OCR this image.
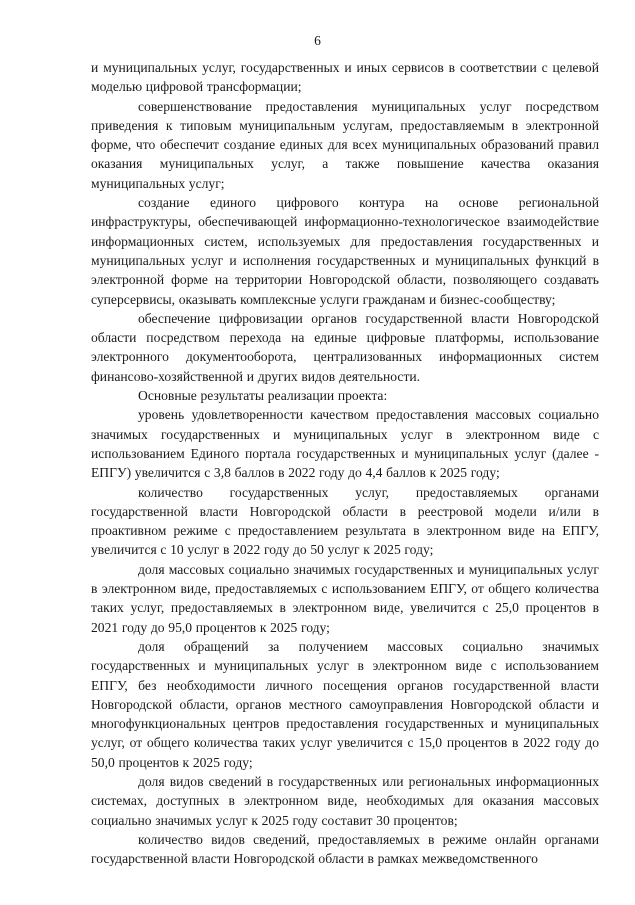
6

и муниципальных услуг, государственных и иных сервисов в соответствии с целевой моделью цифровой трансформации;

совершенствование предоставления муниципальных услуг посредством приведения к типовым муниципальным услугам, предоставляемым в электронной форме, что обеспечит создание единых для всех муниципальных образований правил оказания муниципальных услуг, а также повышение качества оказания муниципальных услуг;

создание единого цифрового контура на основе региональной инфраструктуры, обеспечивающей информационно-технологическое взаимодействие информационных систем, используемых для предоставления государственных и муниципальных услуг и исполнения государственных и муниципальных функций в электронной форме на территории Новгородской области, позволяющего создавать суперсервисы, оказывать комплексные услуги гражданам и бизнес-сообществу;

обеспечение цифровизации органов государственной власти Новгородской области посредством перехода на единые цифровые платформы, использование электронного документооборота, централизованных информационных систем финансово-хозяйственной и других видов деятельности.

Основные результаты реализации проекта:

уровень удовлетворенности качеством предоставления массовых социально значимых государственных и муниципальных услуг в электронном виде с использованием Единого портала государственных и муниципальных услуг (далее - ЕПГУ) увеличится с 3,8 баллов в 2022 году до 4,4 баллов к 2025 году;

количество государственных услуг, предоставляемых органами государственной власти Новгородской области в реестровой модели и/или в проактивном режиме с предоставлением результата в электронном виде на ЕПГУ, увеличится с 10 услуг в 2022 году до 50 услуг к 2025 году;

доля массовых социально значимых государственных и муниципальных услуг в электронном виде, предоставляемых с использованием ЕПГУ, от общего количества таких услуг, предоставляемых в электронном виде, увеличится с 25,0 процентов в 2021 году до 95,0 процентов к 2025 году;

доля обращений за получением массовых социально значимых государственных и муниципальных услуг в электронном виде с использованием ЕПГУ, без необходимости личного посещения органов государственной власти Новгородской области, органов местного самоуправления Новгородской области и многофункциональных центров предоставления государственных и муниципальных услуг, от общего количества таких услуг увеличится с 15,0 процентов в 2022 году до 50,0 процентов к 2025 году;

доля видов сведений в государственных или региональных информационных системах, доступных в электронном виде, необходимых для оказания массовых социально значимых услуг к 2025 году составит 30 процентов;

количество видов сведений, предоставляемых в режиме онлайн органами государственной власти Новгородской области в рамках межведомственного
